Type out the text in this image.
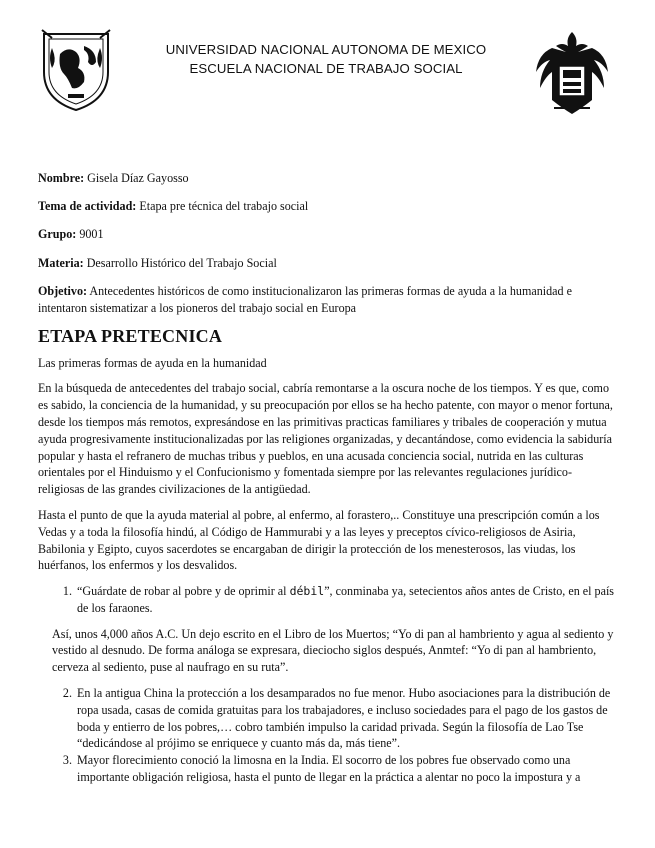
UNIVERSIDAD NACIONAL AUTONOMA DE MEXICO
ESCUELA NACIONAL DE TRABAJO SOCIAL
Nombre: Gisela Díaz Gayosso
Tema de actividad: Etapa pre técnica del trabajo social
Grupo: 9001
Materia: Desarrollo Histórico del Trabajo Social
Objetivo: Antecedentes históricos de como institucionalizaron las primeras formas de ayuda a la humanidad e intentaron sistematizar a los pioneros del trabajo social en Europa
ETAPA PRETECNICA

Las primeras formas de ayuda en la humanidad

En la búsqueda de antecedentes del trabajo social, cabría remontarse a la oscura noche de los tiempos. Y es que, como es sabido, la conciencia de la humanidad, y su preocupación por ellos se ha hecho patente, con mayor o menor fortuna, desde los tiempos más remotos, expresándose en las primitivas practicas familiares y tribales de cooperación y mutua ayuda progresivamente institucionalizadas por las religiones organizadas, y decantándose, como evidencia la sabiduría popular y hasta el refranero de muchas tribus y pueblos, en una acusada conciencia social, nutrida en las culturas orientales por el Hinduismo y el Confucionismo y fomentada siempre por las relevantes regulaciones jurídico-religiosas de las grandes civilizaciones de la antigüedad.

Hasta el punto de que la ayuda material al pobre, al enfermo, al forastero,.. Constituye una prescripción común a los Vedas y a toda la filosofía hindú, al Código de Hammurabi y a las leyes y preceptos cívico-religiosos de Asiria, Babilonia y Egipto, cuyos sacerdotes se encargaban de dirigir la protección de los menesterosos, las viudas, los huérfanos, los enfermos y los desvalidos.

1. “Guárdate de robar al pobre y de oprimir al débil”, conminaba ya, setecientos años antes de Cristo, en el país de los faraones.

Así, unos 4,000 años A.C. Un dejo escrito en el Libro de los Muertos; “Yo di pan al hambriento y agua al sediento y vestido al desnudo. De forma análoga se expresara, dieciocho siglos después, Anmtef: “Yo di pan al hambriento, cerveza al sediento, puse al naufrago en su ruta”.

2. En la antigua China la protección a los desamparados no fue menor. Hubo asociaciones para la distribución de ropa usada, casas de comida gratuitas para los trabajadores, e incluso sociedades para el pago de los gastos de boda y entierro de los pobres,… cobro también impulso la caridad privada. Según la filosofía de Lao Tse “dedicándose al prójimo se enriquece y cuanto más da, más tiene”.
3. Mayor florecimiento conoció la limosna en la India. El socorro de los pobres fue observado como una importante obligación religiosa, hasta el punto de llegar en la práctica a alentar no poco la impostura y a
